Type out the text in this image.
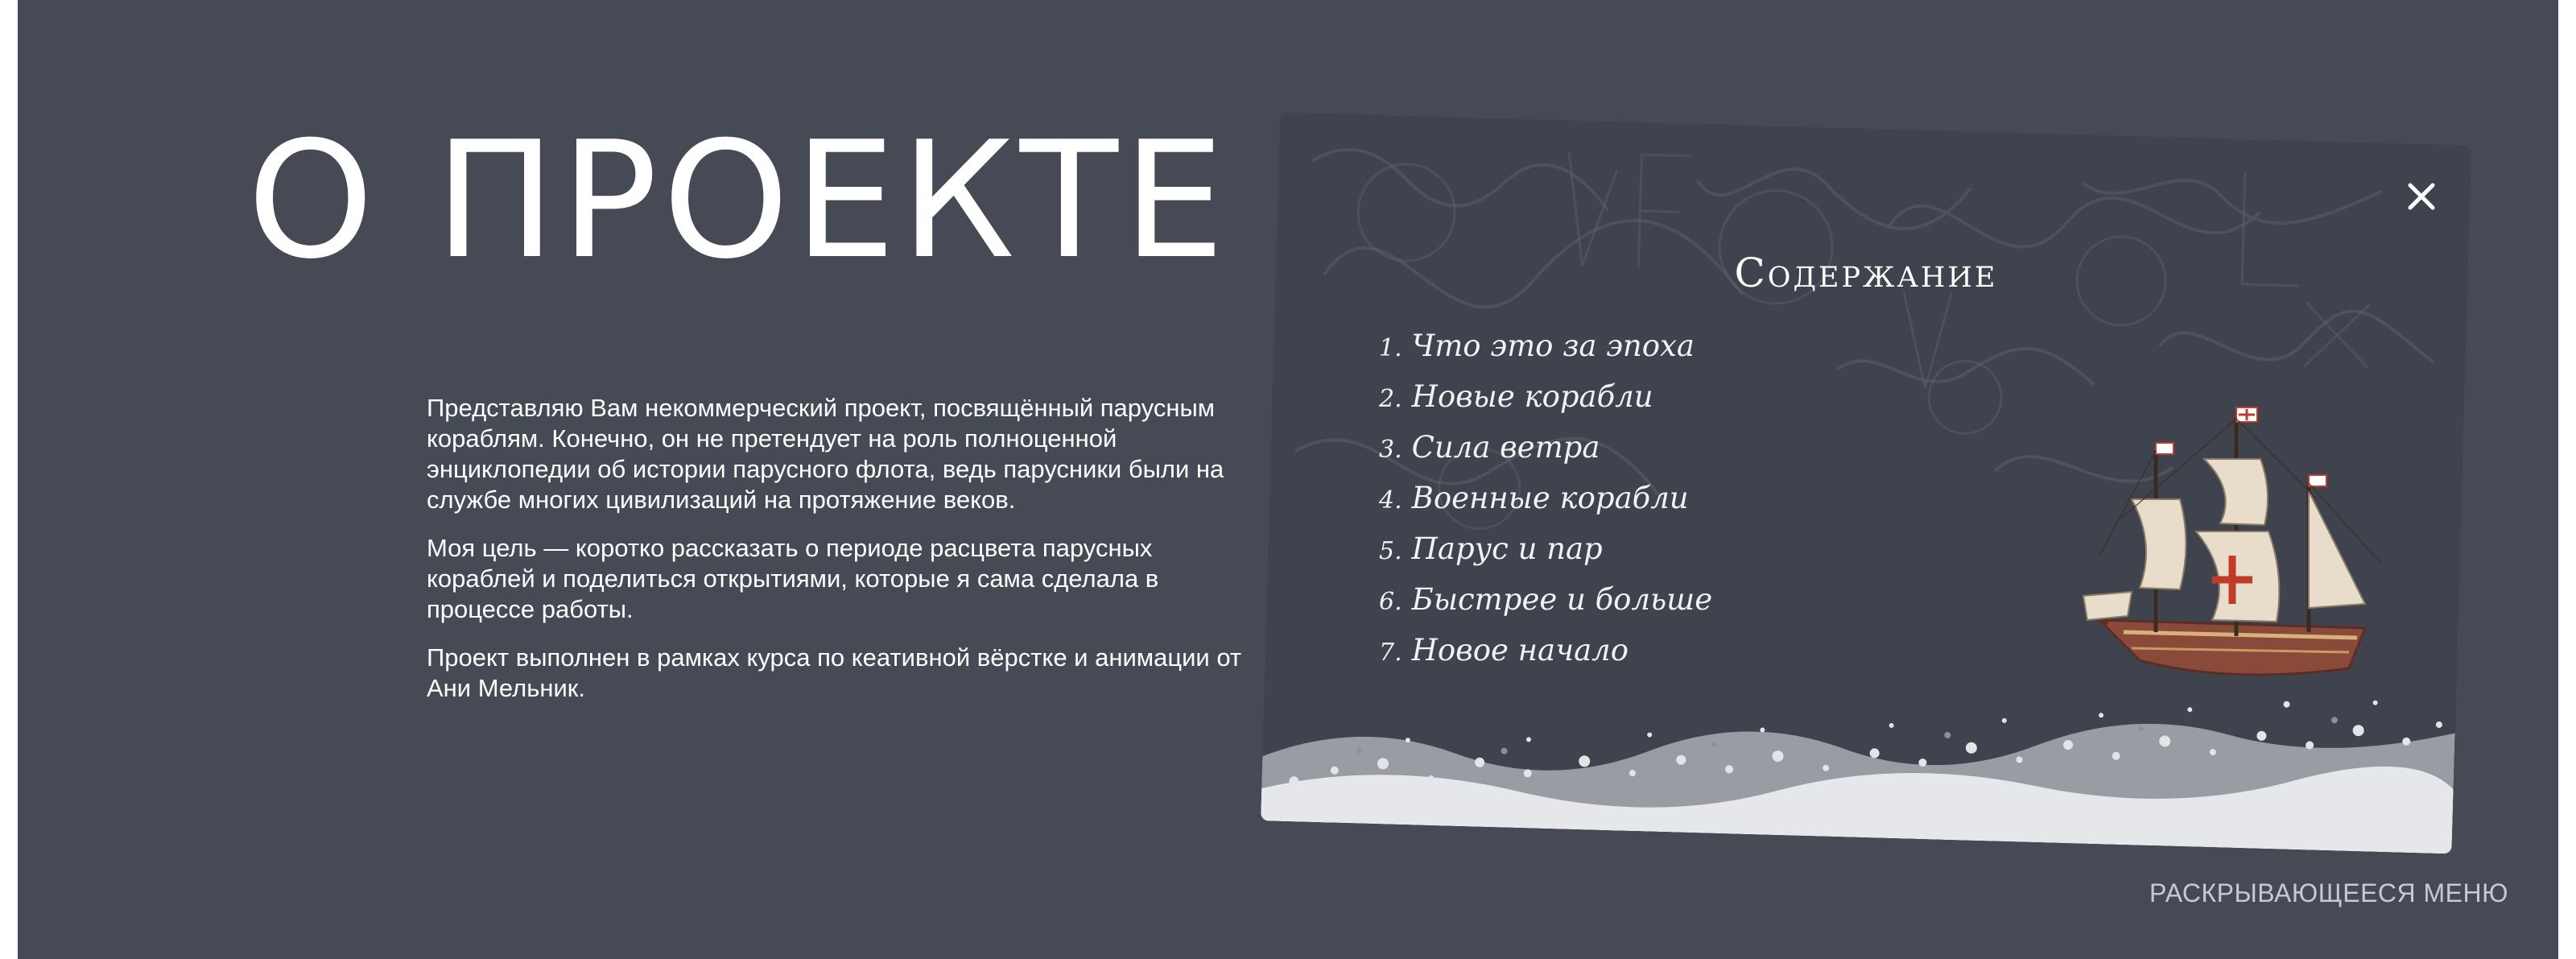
О ПРОЕКТЕ

Представляю Вам некоммерческий проект, посвящённый парусным кораблям. Конечно, он не претендует на роль полноценной энциклопедии об истории парусного флота, ведь парусники были на службе многих цивилизаций на протяжение веков.

Моя цель — коротко рассказать о периоде расцвета парусных кораблей и поделиться открытиями, которые я сама сделала в процессе работы.

Проект выполнен в рамках курса по кеативной вёрстке и анимации от Ани Мельник.

Содержание
1. Что это за эпоха
2. Новые корабли
3. Сила ветра
4. Военные корабли
5. Парус и пар
6. Быстрее и больше
7. Новое начало
РАСКРЫВАЮЩЕЕСЯ МЕНЮ
